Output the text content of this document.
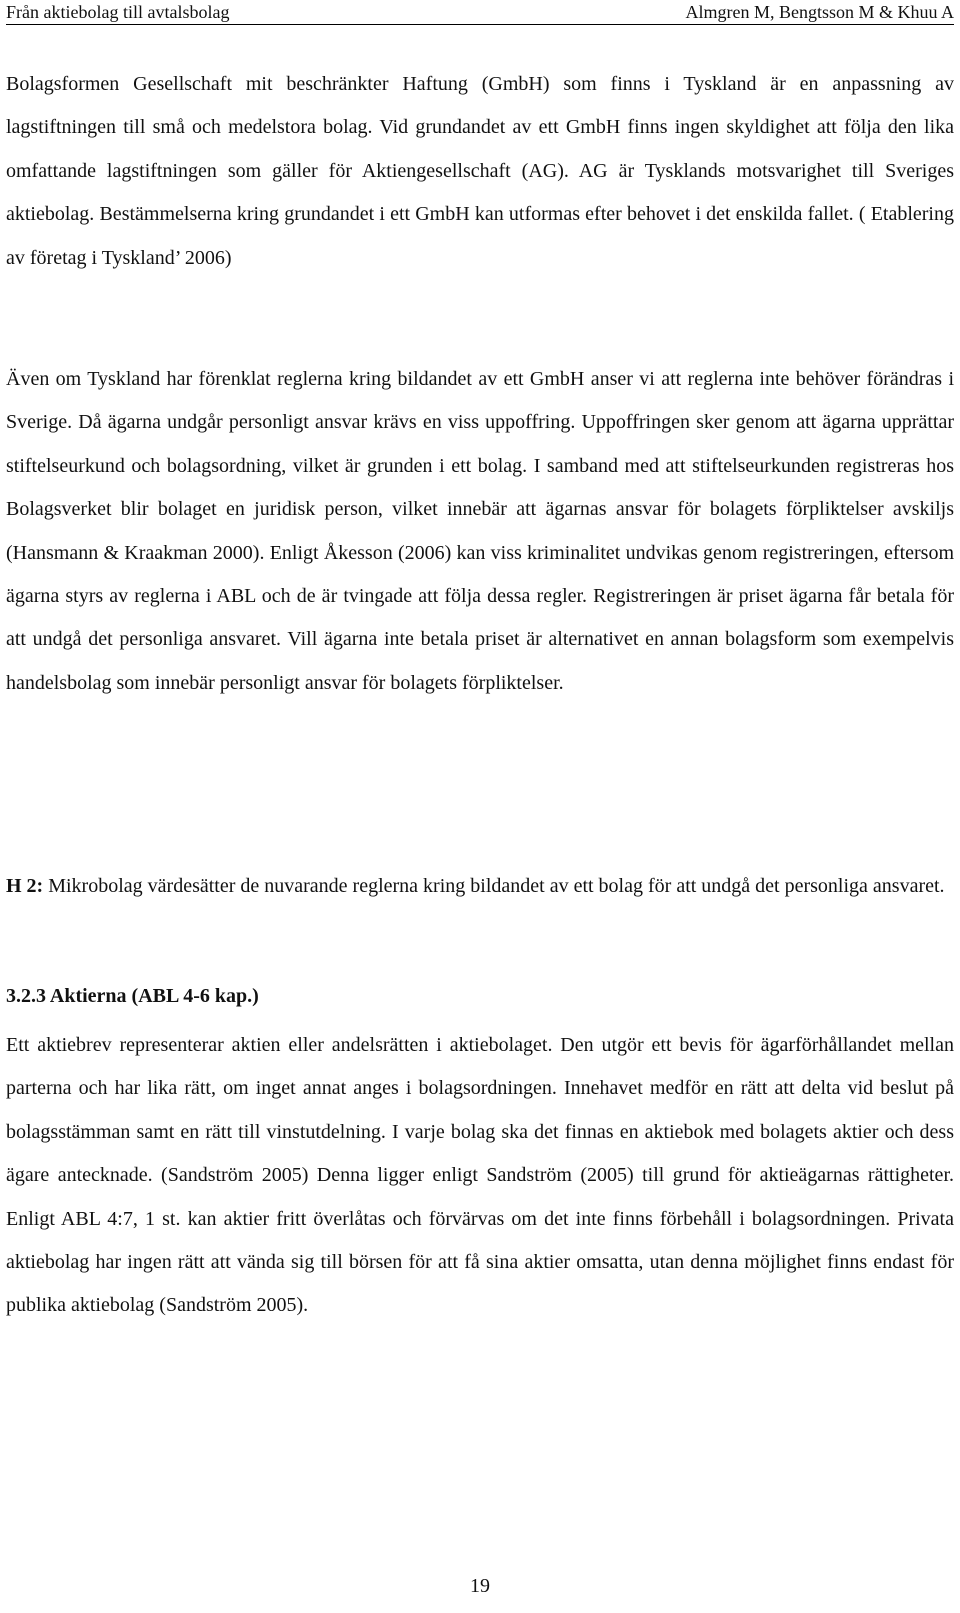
Från aktiebolag till avtalsbolag	Almgren M, Bengtsson M & Khuu A

Bolagsformen Gesellschaft mit beschränkter Haftung (GmbH) som finns i Tyskland är en anpassning av lagstiftningen till små och medelstora bolag. Vid grundandet av ett GmbH finns ingen skyldighet att följa den lika omfattande lagstiftningen som gäller för Aktiengesellschaft (AG). AG är Tysklands motsvarighet till Sveriges aktiebolag. Bestämmelserna kring grundandet i ett GmbH kan utformas efter behovet i det enskilda fallet. ( Etablering av företag i Tyskland’ 2006)

Även om Tyskland har förenklat reglerna kring bildandet av ett GmbH anser vi att reglerna inte behöver förändras i Sverige. Då ägarna undgår personligt ansvar krävs en viss uppoffring. Uppoffringen sker genom att ägarna upprättar stiftelseurkund och bolagsordning, vilket är grunden i ett bolag. I samband med att stiftelseurkunden registreras hos Bolagsverket blir bolaget en juridisk person, vilket innebär att ägarnas ansvar för bolagets förpliktelser avskiljs (Hansmann & Kraakman 2000). Enligt Åkesson (2006) kan viss kriminalitet undvikas genom registreringen, eftersom ägarna styrs av reglerna i ABL och de är tvingade att följa dessa regler. Registreringen är priset ägarna får betala för att undgå det personliga ansvaret. Vill ägarna inte betala priset är alternativet en annan bolagsform som exempelvis handelsbolag som innebär personligt ansvar för bolagets förpliktelser.

H 2: Mikrobolag värdesätter de nuvarande reglerna kring bildandet av ett bolag för att undgå det personliga ansvaret.

3.2.3 Aktierna (ABL 4-6 kap.)

Ett aktiebrev representerar aktien eller andelsrätten i aktiebolaget. Den utgör ett bevis för ägarförhållandet mellan parterna och har lika rätt, om inget annat anges i bolagsordningen. Innehavet medför en rätt att delta vid beslut på bolagsstämman samt en rätt till vinstutdelning. I varje bolag ska det finnas en aktiebok med bolagets aktier och dess ägare antecknade. (Sandström 2005) Denna ligger enligt Sandström (2005) till grund för aktieägarnas rättigheter. Enligt ABL 4:7, 1 st. kan aktier fritt överlåtas och förvärvas om det inte finns förbehåll i bolagsordningen. Privata aktiebolag har ingen rätt att vända sig till börsen för att få sina aktier omsatta, utan denna möjlighet finns endast för publika aktiebolag (Sandström 2005).

19
